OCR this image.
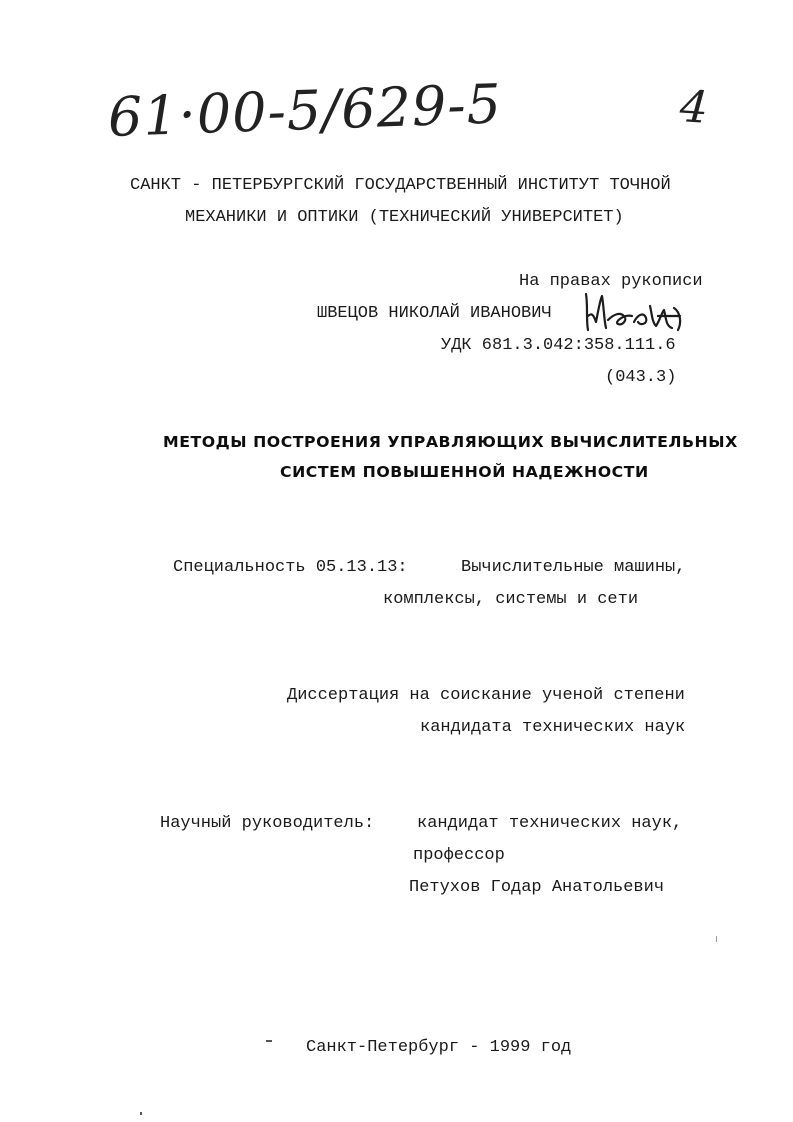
61·00-5/629-5	4
САНКТ - ПЕТЕРБУРГСКИЙ ГОСУДАРСТВЕННЫЙ ИНСТИТУТ ТОЧНОЙ
МЕХАНИКИ И ОПТИКИ (ТЕХНИЧЕСКИЙ УНИВЕРСИТЕТ)
На правах рукописи
ШВЕЦОВ НИКОЛАЙ ИВАНОВИЧ
УДК 681.3.042:358.111.6
(043.3)
МЕТОДЫ ПОСТРОЕНИЯ УПРАВЛЯЮЩИХ ВЫЧИСЛИТЕЛЬНЫХ
СИСТЕМ ПОВЫШЕННОЙ НАДЕЖНОСТИ
Специальность 05.13.13:	Вычислительные машины,
комплексы, системы и сети
Диссертация на соискание ученой степени
кандидата технических наук
Научный руководитель:	кандидат технических наук,
профессор
Петухов Годар Анатольевич
Санкт-Петербург - 1999 год
